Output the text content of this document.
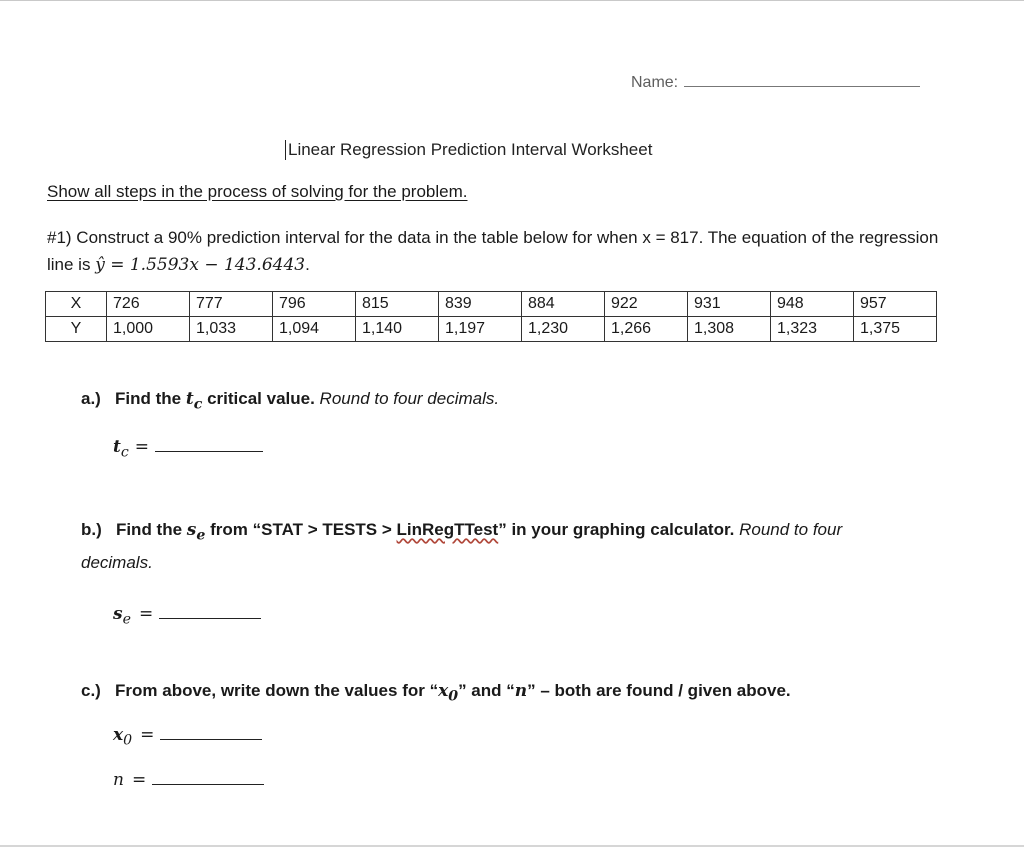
Name:
Linear Regression Prediction Interval Worksheet
Show all steps in the process of solving for the problem.
#1) Construct a 90% prediction interval for the data in the table below for when x = 817. The equation of the regression line is ŷ = 1.5593x − 143.6443.
X	726	777	796	815	839	884	922	931	948	957
Y	1,000	1,033	1,094	1,140	1,197	1,230	1,266	1,308	1,323	1,375
a.) Find the $t_c$ critical value. Round to four decimals.
$t_c$ =
b.) Find the $s_e$ from “STAT > TESTS > LinRegTTest” in your graphing calculator. Round to four decimals.
$s_e$ =
c.) From above, write down the values for “$x_0$” and “n” – both are found / given above.
$x_0$ =
n =
